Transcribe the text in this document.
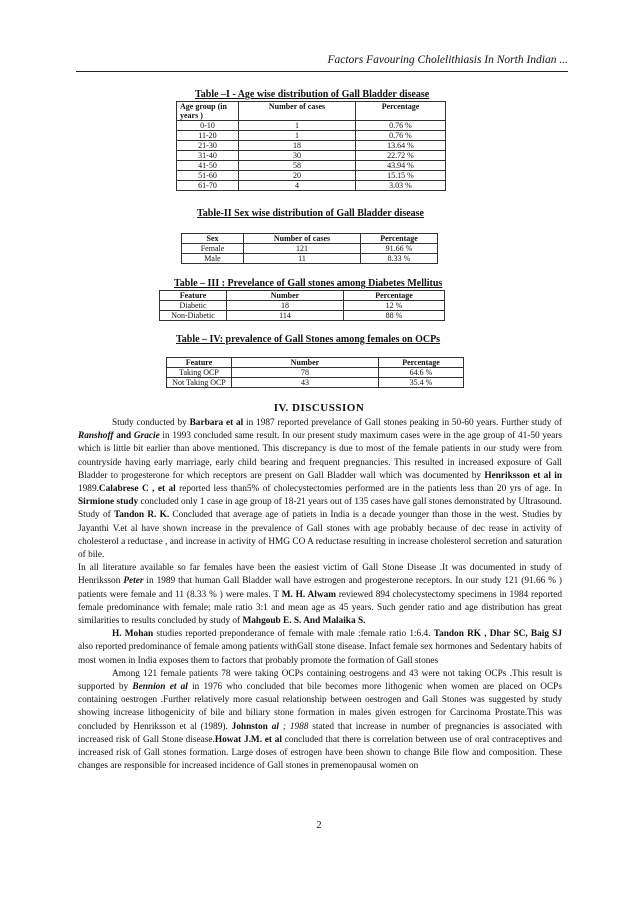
Factors Favouring Cholelithiasis In North Indian ...
Table –I - Age wise distribution of Gall Bladder disease
Age group (in years )	Number of cases	Percentage
0-10	1	0.76 %
11-20	1	0.76 %
21-30	18	13.64 %
31-40	30	22.72 %
41-50	58	43.94 %
51-60	20	15.15 %
61-70	4	3.03 %
Table-II Sex wise distribution of Gall Bladder disease
Sex	Number of cases	Percentage
Female	121	91.66 %
Male	11	8.33 %
Table – III : Prevelance of Gall stones among Diabetes Mellitus
Feature	Number	Percentage
Diabetic	18	12 %
Non-Diabetic	114	88 %
Table – IV: prevalence of Gall Stones among females on OCPs
Feature	Number	Percentage
Taking OCP	78	64.6 %
Not Taking OCP	43	35.4 %
IV. DISCUSSION

Study conducted by Barbara et al in 1987 reported prevelance of Gall stones peaking in 50-60 years. Further study of Ranshoff and Gracie in 1993 concluded same result. In our present study maximum cases were in the age group of 41-50 years which is little bit earlier than above mentioned. This discrepancy is due to most of the female patients in our study were from countryside having early marriage, early child bearing and frequent pregnancies. This resulted in increased exposure of Gall Bladder to progesterone for which receptors are present on Gall Bladder wall which was documented by Henriksson et al in 1989.Calabrese C , et al reported less than5% of cholecystectomies performed are in the patients less than 20 yrs of age. In Sirmione study concluded only 1 case in age group of 18-21 years out of 135 cases have gall stones demonstrated by Ultrasound. Study of Tandon R. K. Concluded that average age of patiets in India is a decade younger than those in the west. Studies by Jayanthi V.et al have shown increase in the prevalence of Gall stones with age probably because of dec rease in activity of cholesterol a reductase , and increase in activity of HMG CO A reductase resulting in increase cholesterol secretion and saturation of bile.

In all literature available so far females have been the easiest victim of Gall Stone Disease .It was documented in study of Henriksson Peter in 1989 that human Gall Bladder wall have estrogen and progesterone receptors. In our study 121 (91.66 % ) patients were female and 11 (8.33 % ) were males. T M. H. Alwam reviewed 894 cholecystectomy specimens in 1984 reported female predominance with female; male ratio 3:1 and mean age as 45 years. Such gender ratio and age distribution has great similarities to results concluded by study of Mahgoub E. S. And Malaika S.

H. Mohan studies reported preponderance of female with male :female ratio 1:6.4. Tandon RK , Dhar SC, Baig SJ also reported predominance of female among patients withGall stone disease. Infact female sex hormones and Sedentary habits of most women in India exposes them to factors that probably promote the formation of Gall stones

Among 121 female patients 78 were taking OCPs containing oestrogens and 43 were not taking OCPs .This result is supported by Bennion et al in 1976 who concluded that bile becomes more lithogenic when women are placed on OCPs containing oestrogen .Further relatively more casual relationship between oestrogen and Gall Stones was suggested by study showing increase lithogenicity of bile and biliary stone formation in males given estrogen for Carcinoma Prostate.This was concluded by Henriksson et al (1989). Johnston al ; 1988 stated that increase in number of pregnancies is associated with increased risk of Gall Stone disease.Howat J.M. et al concluded that there is correlation between use of oral contraceptives and increased risk of Gall stones formation. Large doses of estrogen have been shown to change Bile flow and composition. These changes are responsible for increased incidence of Gall stones in premenopausal women on

2
